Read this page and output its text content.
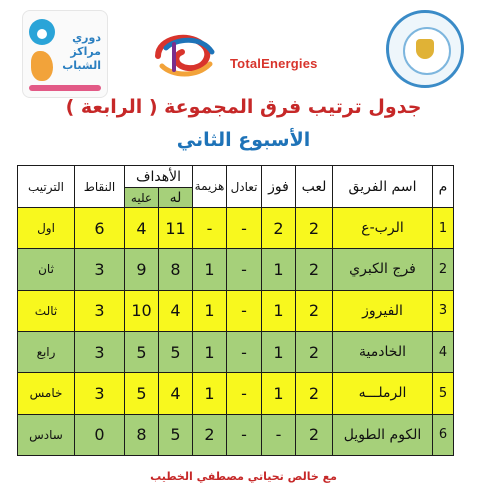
دوري
مراكز
الشباب	TotalEnergies
جدول ترتيب فرق المجموعة ( الرابعة )
الأسبوع الثاني
م	اسم الفريق	لعب	فوز	تعادل	هزيمة	الأهداف		النقاط	الترتيب
						له	عليه		
1	الرب-ع	2	2	-	-	11	4	6	اول
2	فرج الكبري	2	1	-	1	8	9	3	ثان
3	الفيروز	2	1	-	1	4	10	3	ثالث
4	الخادمية	2	1	-	1	5	5	3	رابع
5	الرملـــه	2	1	-	1	4	5	3	خامس
6	الكوم الطويل	2	-	-	2	5	8	0	سادس
مع خالص تحياتي مصطفي الخطيب
